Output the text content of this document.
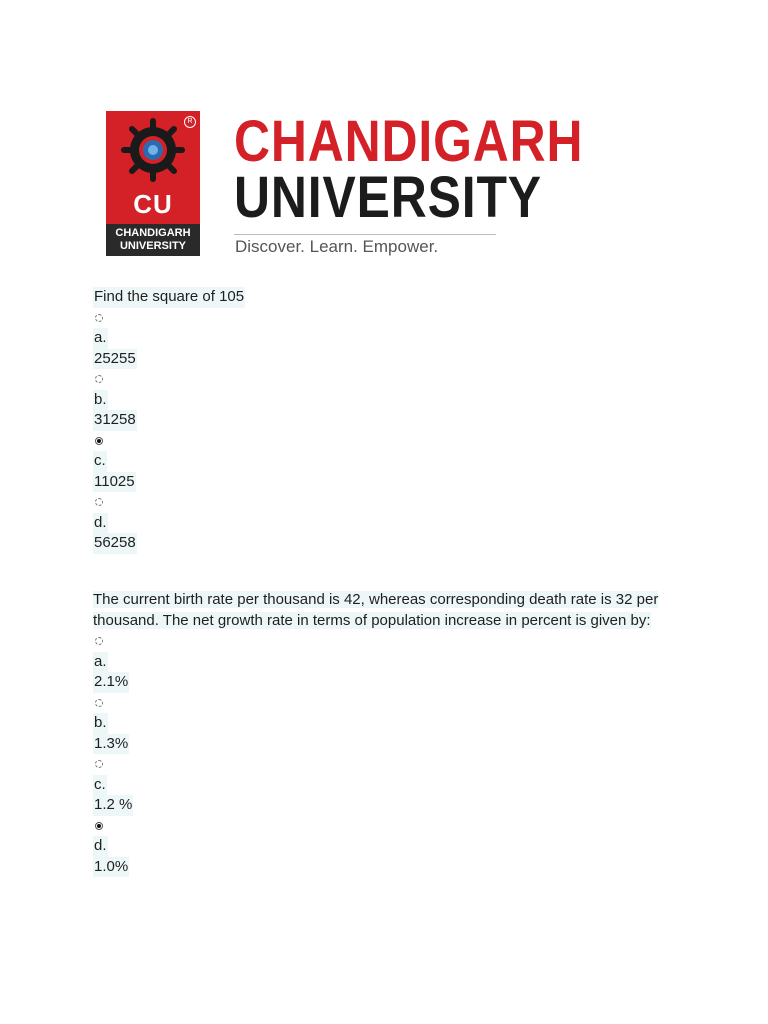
R
CU
CHANDIGARH
UNIVERSITY
CHANDIGARH
UNIVERSITY
Discover. Learn. Empower.
Find the square of 105
a.
25255
b.
31258
c.
11025
d.
56258
The current birth rate per thousand is 42, whereas corresponding death rate is 32 per thousand. The net growth rate in terms of population increase in percent is given by:
a.
2.1%
b.
1.3%
c.
1.2 %
d.
1.0%
